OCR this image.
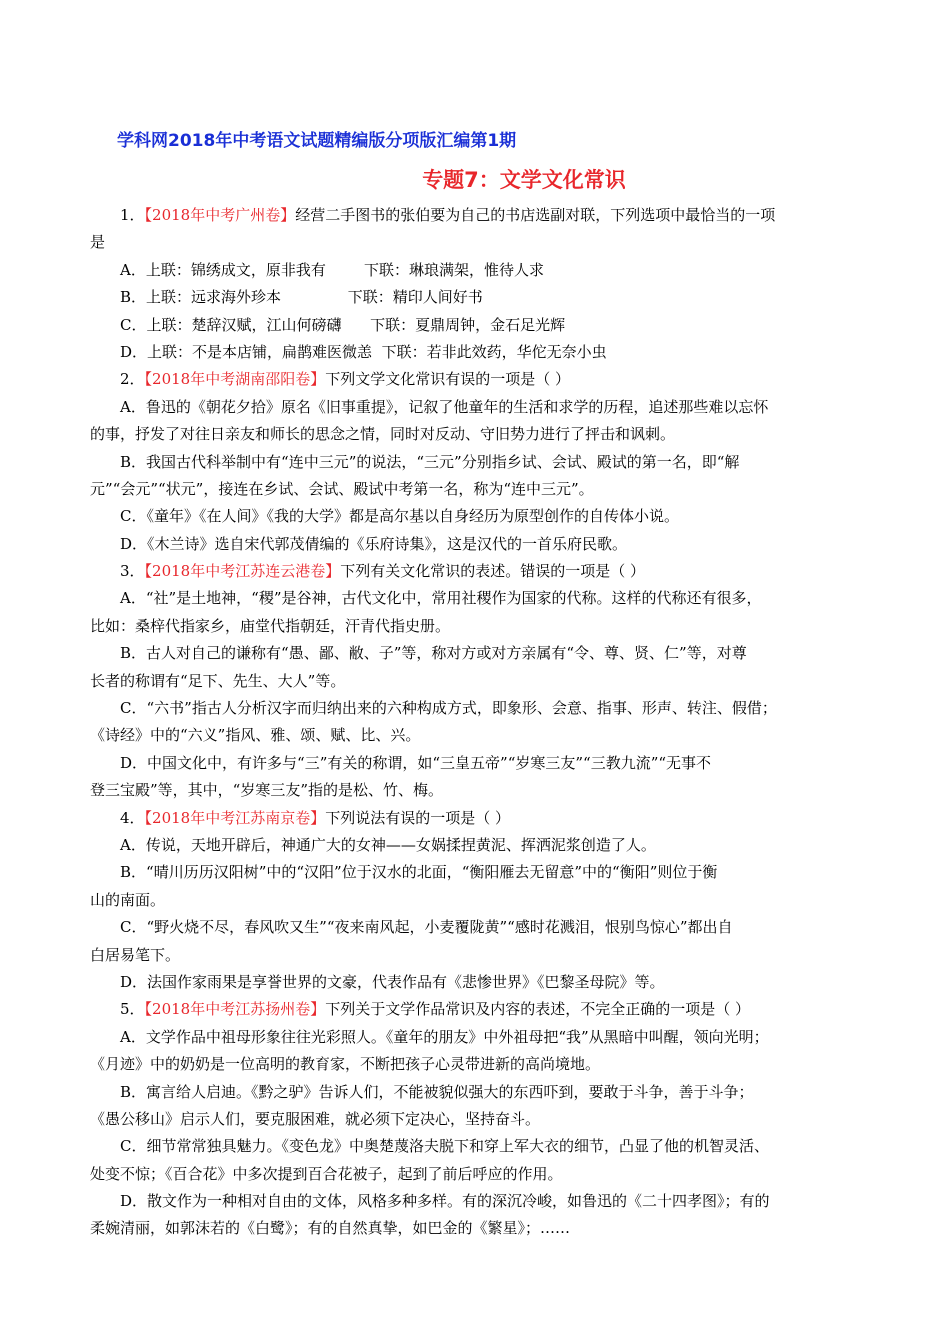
学科网2018年中考语文试题精编版分项版汇编第1期
专题7：文学文化常识
1．【2018年中考广州卷】经营二手图书的张伯要为自己的书店选副对联，下列选项中最恰当的一项
是
A．上联：锦绣成文，原非我有        下联：琳琅满架，惟待人求
B．上联：远求海外珍本              下联：精印人间好书
C．上联：楚辞汉赋，江山何磅礴      下联：夏鼎周钟，金石足光辉
D．上联：不是本店铺，扁鹊难医微恙  下联：若非此效药，华佗无奈小虫
2．【2018年中考湖南邵阳卷】下列文学文化常识有误的一项是（ ）
A．鲁迅的《朝花夕拾》原名《旧事重提》，记叙了他童年的生活和求学的历程，追述那些难以忘怀
的事，抒发了对往日亲友和师长的思念之情，同时对反动、守旧势力进行了抨击和讽刺。
B．我国古代科举制中有“连中三元”的说法，“三元”分别指乡试、会试、殿试的第一名，即“解
元”“会元”“状元”，接连在乡试、会试、殿试中考第一名，称为“连中三元”。
C．《童年》《在人间》《我的大学》都是高尔基以自身经历为原型创作的自传体小说。
D．《木兰诗》选自宋代郭茂倩编的《乐府诗集》，这是汉代的一首乐府民歌。
3．【2018年中考江苏连云港卷】下列有关文化常识的表述。错误的一项是（ ）
A．“社”是土地神，“稷”是谷神，古代文化中，常用社稷作为国家的代称。这样的代称还有很多，
比如：桑梓代指家乡，庙堂代指朝廷，汗青代指史册。
B．古人对自己的谦称有“愚、鄙、敝、子”等，称对方或对方亲属有“令、尊、贤、仁”等，对尊
长者的称谓有“足下、先生、大人”等。
C．“六书”指古人分析汉字而归纳出来的六种构成方式，即象形、会意、指事、形声、转注、假借；
《诗经》中的“六义”指风、雅、颂、赋、比、兴。
D．中国文化中，有许多与“三”有关的称谓，如“三皇五帝”“岁寒三友”“三教九流”“无事不
登三宝殿”等，其中，“岁寒三友”指的是松、竹、梅。
4．【2018年中考江苏南京卷】下列说法有误的一项是（ ）
A．传说，天地开辟后，神通广大的女神——女娲揉捏黄泥、挥洒泥浆创造了人。
B．“晴川历历汉阳树”中的“汉阳”位于汉水的北面，“衡阳雁去无留意”中的“衡阳”则位于衡
山的南面。
C．“野火烧不尽，春风吹又生”“夜来南风起，小麦覆陇黄”“感时花溅泪，恨别鸟惊心”都出自
白居易笔下。
D．法国作家雨果是享誉世界的文豪，代表作品有《悲惨世界》《巴黎圣母院》等。
5．【2018年中考江苏扬州卷】下列关于文学作品常识及内容的表述，不完全正确的一项是（ ）
A．文学作品中祖母形象往往光彩照人。《童年的朋友》中外祖母把“我”从黑暗中叫醒，领向光明；
《月迹》中的奶奶是一位高明的教育家，不断把孩子心灵带进新的高尚境地。
B．寓言给人启迪。《黔之驴》告诉人们，不能被貌似强大的东西吓到，要敢于斗争，善于斗争；
《愚公移山》启示人们，要克服困难，就必须下定决心，坚持奋斗。
C．细节常常独具魅力。《变色龙》中奥楚蔑洛夫脱下和穿上军大衣的细节，凸显了他的机智灵活、
处变不惊；《百合花》中多次提到百合花被子，起到了前后呼应的作用。
D．散文作为一种相对自由的文体，风格多种多样。有的深沉冷峻，如鲁迅的《二十四孝图》；有的
柔婉清丽，如郭沫若的《白鹭》；有的自然真挚，如巴金的《繁星》；……
